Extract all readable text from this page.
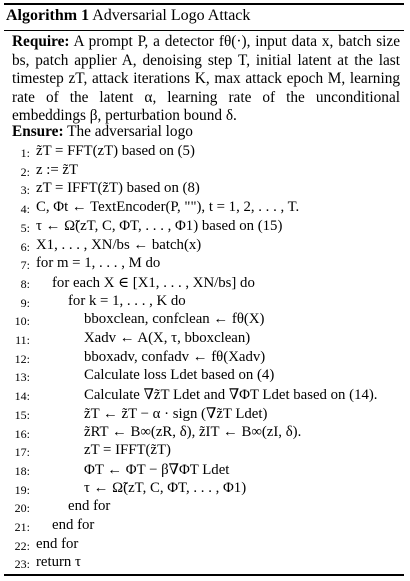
Algorithm 1 Adversarial Logo Attack
Require: A prompt P, a detector fθ(·), input data x, batch size bs, patch applier A, denoising step T, initial latent at the last timestep zT, attack iterations K, max attack epoch M, learning rate of the latent α, learning rate of the unconditional embeddings β, perturbation bound δ.
Ensure: The adversarial logo
1: z̃T = FFT(zT) based on (5)
2: z := z̃T
3: zT = IFFT(z̃T) based on (8)
4: C, Φt ← TextEncoder(P, ""), t = 1, 2, . . . , T.
5: τ ← Ω̃(zT, C, ΦT, . . . , Φ1) based on (15)
6: X1, . . . , XN/bs ← batch(x)
7: for m = 1, . . . , M do
8: for each X ∈ [X1, . . . , XN/bs] do
9:	for k = 1, . . . , K do
10:	bboxclean, confclean ← fθ(X)
11:	Xadv ← A(X, τ, bboxclean)
12:	bboxadv, confadv ← fθ(Xadv)
13:	Calculate loss Ldet based on (4)
14:	Calculate ∇z̃T Ldet and ∇ΦT Ldet based on (14).
15:	z̃T ← z̃T − α · sign (∇z̃T Ldet)
16:	z̃RT ← B∞(zR, δ), z̃IT ← B∞(zI, δ).
17:	zT = IFFT(z̃T)
18:	ΦT ← ΦT − β∇ΦT Ldet
19:	τ ← Ω̃(zT, C, ΦT, . . . , Φ1)
20:	end for
21: end for
22: end for
23: return τ
